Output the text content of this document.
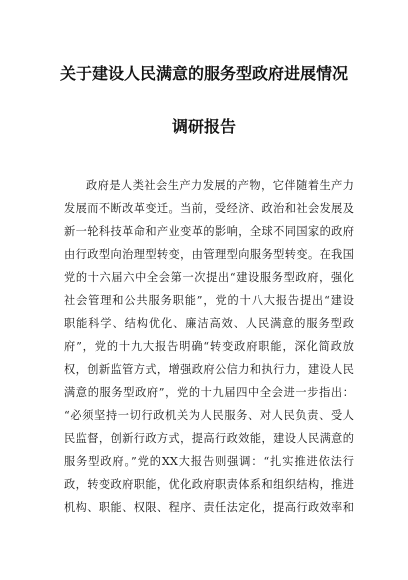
关于建设人民满意的服务型政府进展情况
调研报告
政府是人类社会生产力发展的产物，它伴随着生产力
发展而不断改革变迁。当前，受经济、政治和社会发展及
新一轮科技革命和产业变革的影响，全球不同国家的政府
由行政型向治理型转变，由管理型向服务型转变。在我国
党的十六届六中全会第一次提出“建设服务型政府，强化
社会管理和公共服务职能”，党的十八大报告提出“建设
职能科学、结构优化、廉洁高效、人民满意的服务型政
府”，党的十九大报告明确“转变政府职能，深化简政放
权，创新监管方式，增强政府公信力和执行力，建设人民
满意的服务型政府”，党的十九届四中全会进一步指出：
“必须坚持一切行政机关为人民服务、对人民负责、受人
民监督，创新行政方式，提高行政效能，建设人民满意的
服务型政府。”党的XX大报告则强调：“扎实推进依法行
政，转变政府职能，优化政府职责体系和组织结构，推进
机构、职能、权限、程序、责任法定化，提高行政效率和
